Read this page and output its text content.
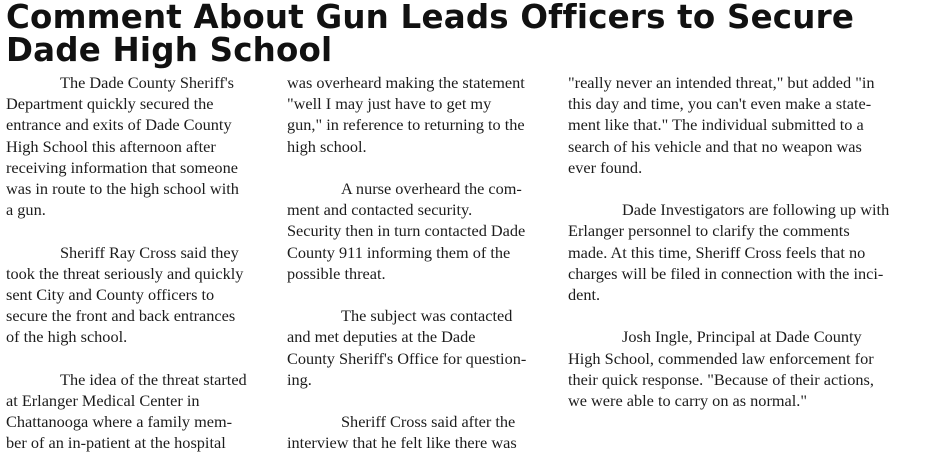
Comment About Gun Leads Officers to Secure
Dade High School

The Dade County Sheriff's
Department quickly secured the
entrance and exits of Dade County
High School this afternoon after
receiving information that someone
was in route to the high school with
a gun.

Sheriff Ray Cross said they
took the threat seriously and quickly
sent City and County officers to
secure the front and back entrances
of the high school.

The idea of the threat started
at Erlanger Medical Center in
Chattanooga where a family mem-
ber of an in-patient at the hospital

was overheard making the statement
"well I may just have to get my
gun," in reference to returning to the
high school.

A nurse overheard the com-
ment and contacted security.
Security then in turn contacted Dade
County 911 informing them of the
possible threat.

The subject was contacted
and met deputies at the Dade
County Sheriff's Office for question-
ing.

Sheriff Cross said after the
interview that he felt like there was

"really never an intended threat," but added "in
this day and time, you can't even make a state-
ment like that." The individual submitted to a
search of his vehicle and that no weapon was
ever found.

Dade Investigators are following up with
Erlanger personnel to clarify the comments
made. At this time, Sheriff Cross feels that no
charges will be filed in connection with the inci-
dent.

Josh Ingle, Principal at Dade County
High School, commended law enforcement for
their quick response. "Because of their actions,
we were able to carry on as normal."
